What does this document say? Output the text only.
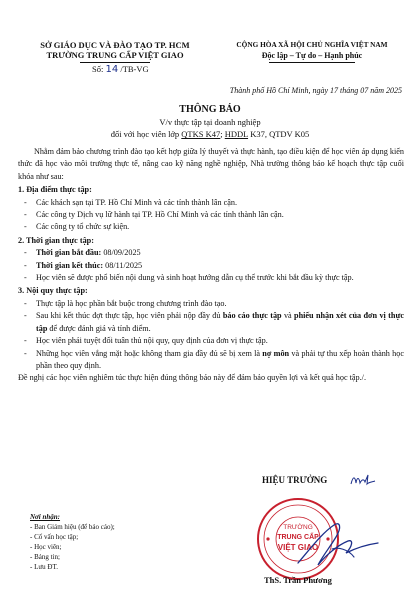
SỞ GIÁO DỤC VÀ ĐÀO TẠO TP. HCM
TRƯỜNG TRUNG CẤP VIỆT GIAO
Số: 14 /TB-VG
CỘNG HÒA XÃ HỘI CHỦ NGHĨA VIỆT NAM
Độc lập – Tự do – Hạnh phúc
Thành phố Hồ Chí Minh, ngày 17 tháng 07 năm 2025
THÔNG BÁO
V/v thực tập tại doanh nghiệp
đối với học viên lớp QTKS K47; HDDL K37, QTDV K05

Nhằm đảm bảo chương trình đào tạo kết hợp giữa lý thuyết và thực hành, tạo điều kiện để học viên áp dụng kiến thức đã học vào môi trường thực tế, nâng cao kỹ năng nghề nghiệp, Nhà trường thông báo kế hoạch thực tập cuối khóa như sau:

1. Địa điểm thực tập:

- Các khách sạn tại TP. Hồ Chí Minh và các tỉnh thành lân cận.

- Các công ty Dịch vụ lữ hành tại TP. Hồ Chí Minh và các tỉnh thành lân cận.

- Các công ty tổ chức sự kiện.

2. Thời gian thực tập:

- Thời gian bắt đầu: 08/09/2025

- Thời gian kết thúc: 08/11/2025

- Học viên sẽ được phổ biến nội dung và sinh hoạt hướng dẫn cụ thể trước khi bắt đầu kỳ thực tập.

3. Nội quy thực tập:

- Thực tập là học phần bắt buộc trong chương trình đào tạo.

- Sau khi kết thúc đợt thực tập, học viên phải nộp đầy đủ báo cáo thực tập và phiếu nhận xét của đơn vị thực tập để được đánh giá và tính điểm.

- Học viên phải tuyệt đối tuân thủ nội quy, quy định của đơn vị thực tập.

- Những học viên vắng mặt hoặc không tham gia đầy đủ sẽ bị xem là nợ môn và phải tự thu xếp hoàn thành học phần theo quy định.

Đề nghị các học viên nghiêm túc thực hiện đúng thông báo này để đảm bảo quyền lợi và kết quả học tập./.

Nơi nhận:
- Ban Giám hiệu (để báo cáo);
- Cố vấn học tập;
- Học viên;
- Bảng tin;
- Lưu ĐT.
HIỆU TRƯỞNG
TRƯỜNG
TRUNG CẤP
VIỆT GIAO
ThS. Trần Phương
